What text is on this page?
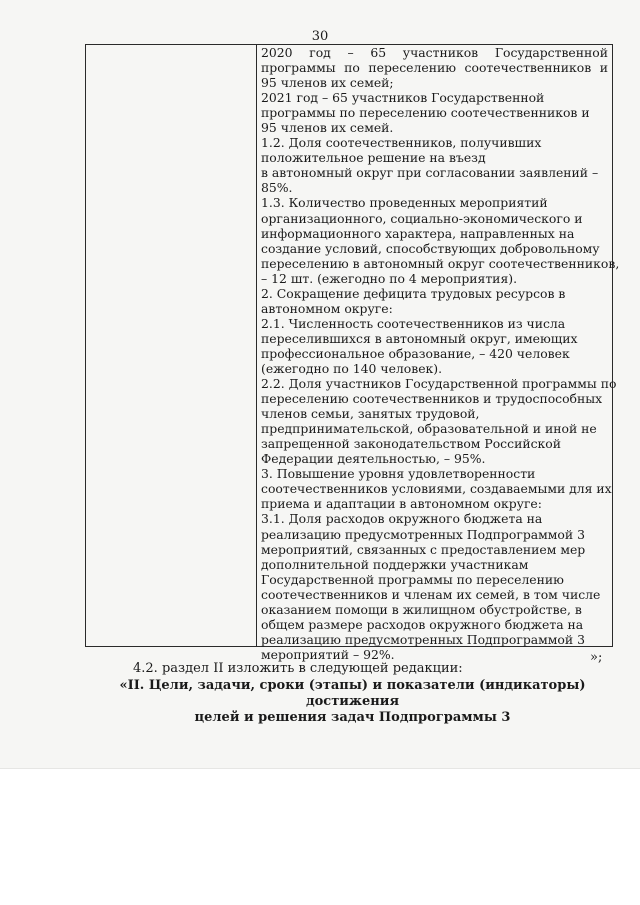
30
2020 год – 65 участников Государственной
программы по переселению соотечественников и
95 членов их семей;
2021 год – 65 участников Государственной
программы по переселению соотечественников и
95 членов их семей.
1.2. Доля соотечественников, получивших
положительное решение на въезд
в автономный округ при согласовании заявлений –
85%.
1.3. Количество проведенных мероприятий
организационного, социально-экономического и
информационного характера, направленных на
создание условий, способствующих добровольному
переселению в автономный округ соотечественников,
– 12 шт. (ежегодно по 4 мероприятия).
2. Сокращение дефицита трудовых ресурсов в
автономном округе:
2.1. Численность соотечественников из числа
переселившихся в автономный округ, имеющих
профессиональное образование, – 420 человек
(ежегодно по 140 человек).
2.2. Доля участников Государственной программы по
переселению соотечественников и трудоспособных
членов семьи, занятых трудовой,
предпринимательской, образовательной и иной не
запрещенной законодательством Российской
Федерации деятельностью, – 95%.
3. Повышение уровня удовлетворенности
соотечественников условиями, создаваемыми для их
приема и адаптации в автономном округе:
3.1. Доля расходов окружного бюджета на
реализацию предусмотренных Подпрограммой 3
мероприятий, связанных с предоставлением мер
дополнительной поддержки участникам
Государственной программы по переселению
соотечественников и членам их семей, в том числе
оказанием помощи в жилищном обустройстве, в
общем размере расходов окружного бюджета на
реализацию предусмотренных Подпрограммой 3
мероприятий – 92%.	»;
4.2. раздел II изложить в следующей редакции:
«II. Цели, задачи, сроки (этапы) и показатели (индикаторы) достижения
целей и решения задач Подпрограммы 3
